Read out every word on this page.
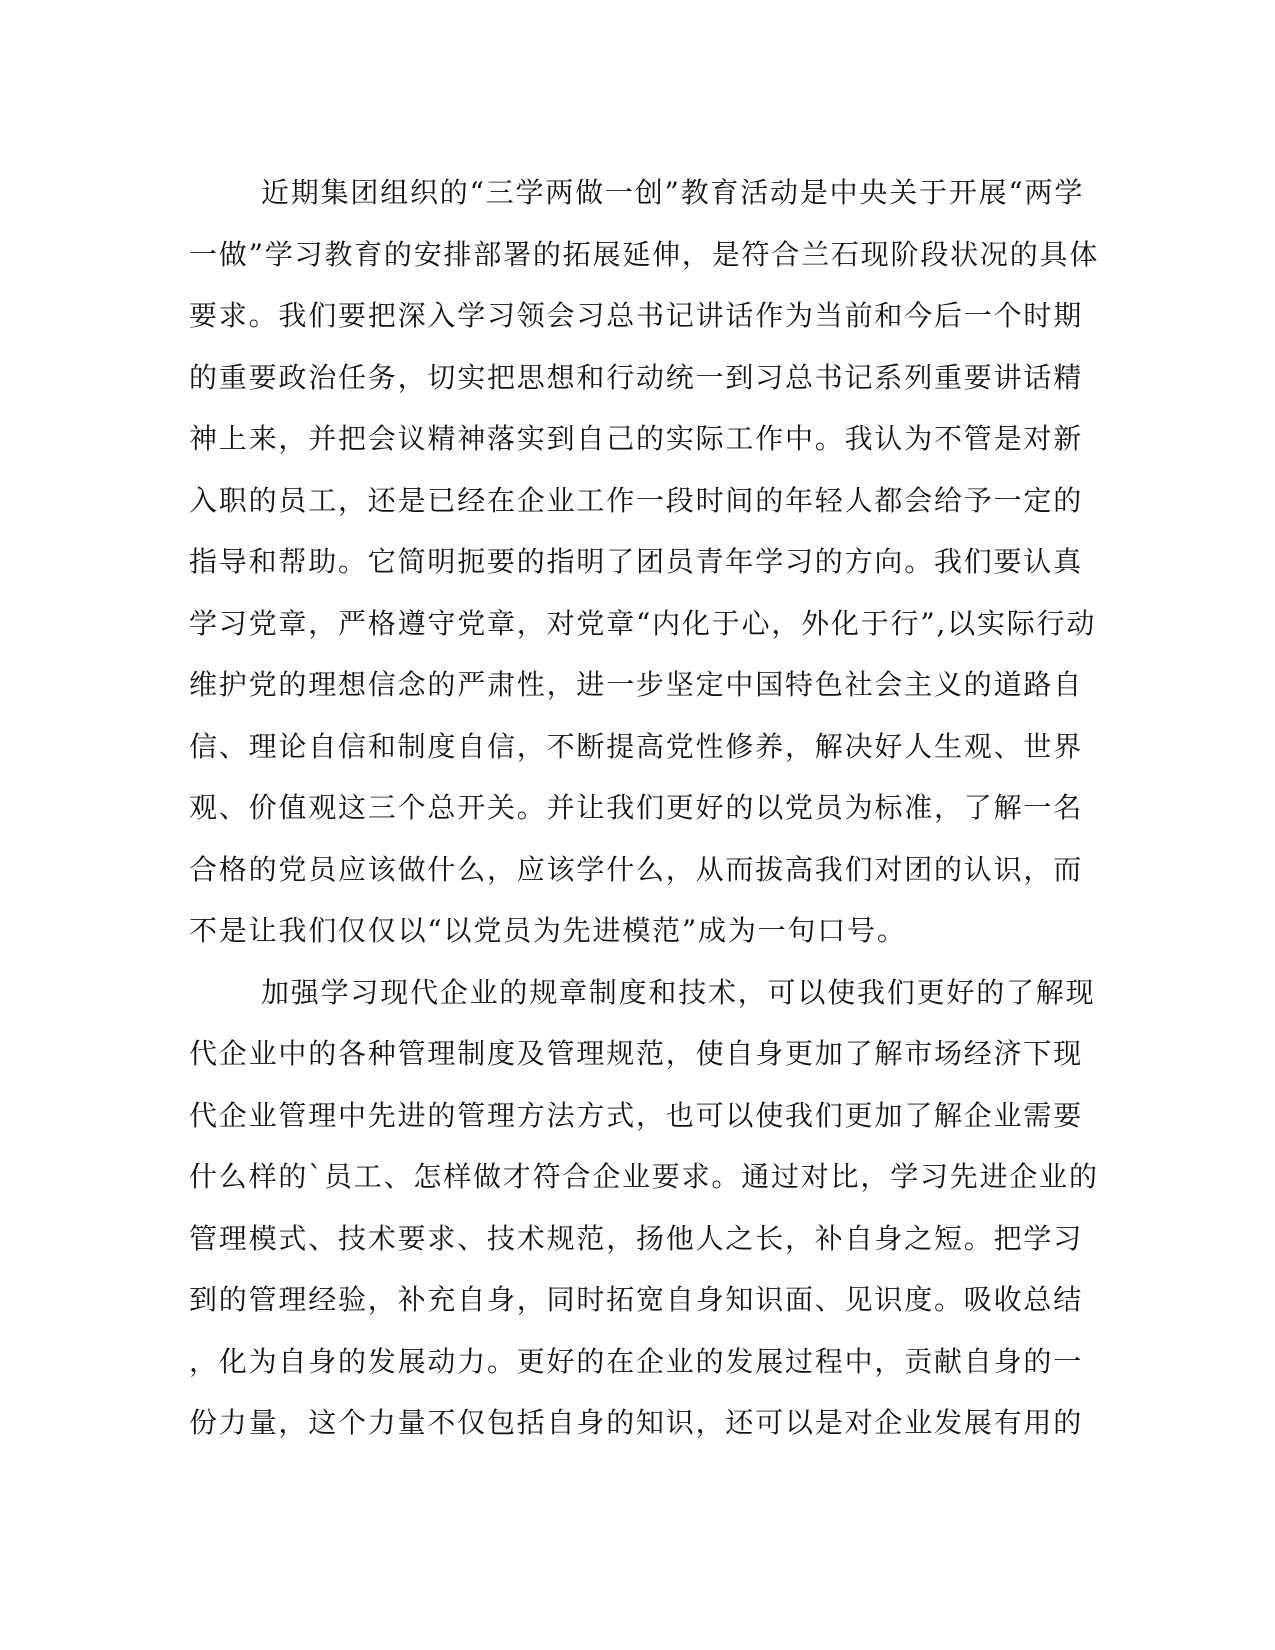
近期集团组织的“三学两做一创”教育活动是中央关于开展“两学
一做”学习教育的安排部署的拓展延伸，是符合兰石现阶段状况的具体
要求。我们要把深入学习领会习总书记讲话作为当前和今后一个时期
的重要政治任务，切实把思想和行动统一到习总书记系列重要讲话精
神上来，并把会议精神落实到自己的实际工作中。我认为不管是对新
入职的员工，还是已经在企业工作一段时间的年轻人都会给予一定的
指导和帮助。它简明扼要的指明了团员青年学习的方向。我们要认真
学习党章，严格遵守党章，对党章“内化于心，外化于行”,以实际行动
维护党的理想信念的严肃性，进一步坚定中国特色社会主义的道路自
信、理论自信和制度自信，不断提高党性修养，解决好人生观、世界
观、价值观这三个总开关。并让我们更好的以党员为标准，了解一名
合格的党员应该做什么，应该学什么，从而拔高我们对团的认识，而
不是让我们仅仅以“以党员为先进模范”成为一句口号。
加强学习现代企业的规章制度和技术，可以使我们更好的了解现
代企业中的各种管理制度及管理规范，使自身更加了解市场经济下现
代企业管理中先进的管理方法方式，也可以使我们更加了解企业需要
什么样的`员工、怎样做才符合企业要求。通过对比，学习先进企业的
管理模式、技术要求、技术规范，扬他人之长，补自身之短。把学习
到的管理经验，补充自身，同时拓宽自身知识面、见识度。吸收总结
，化为自身的发展动力。更好的在企业的发展过程中，贡献自身的一
份力量，这个力量不仅包括自身的知识，还可以是对企业发展有用的
